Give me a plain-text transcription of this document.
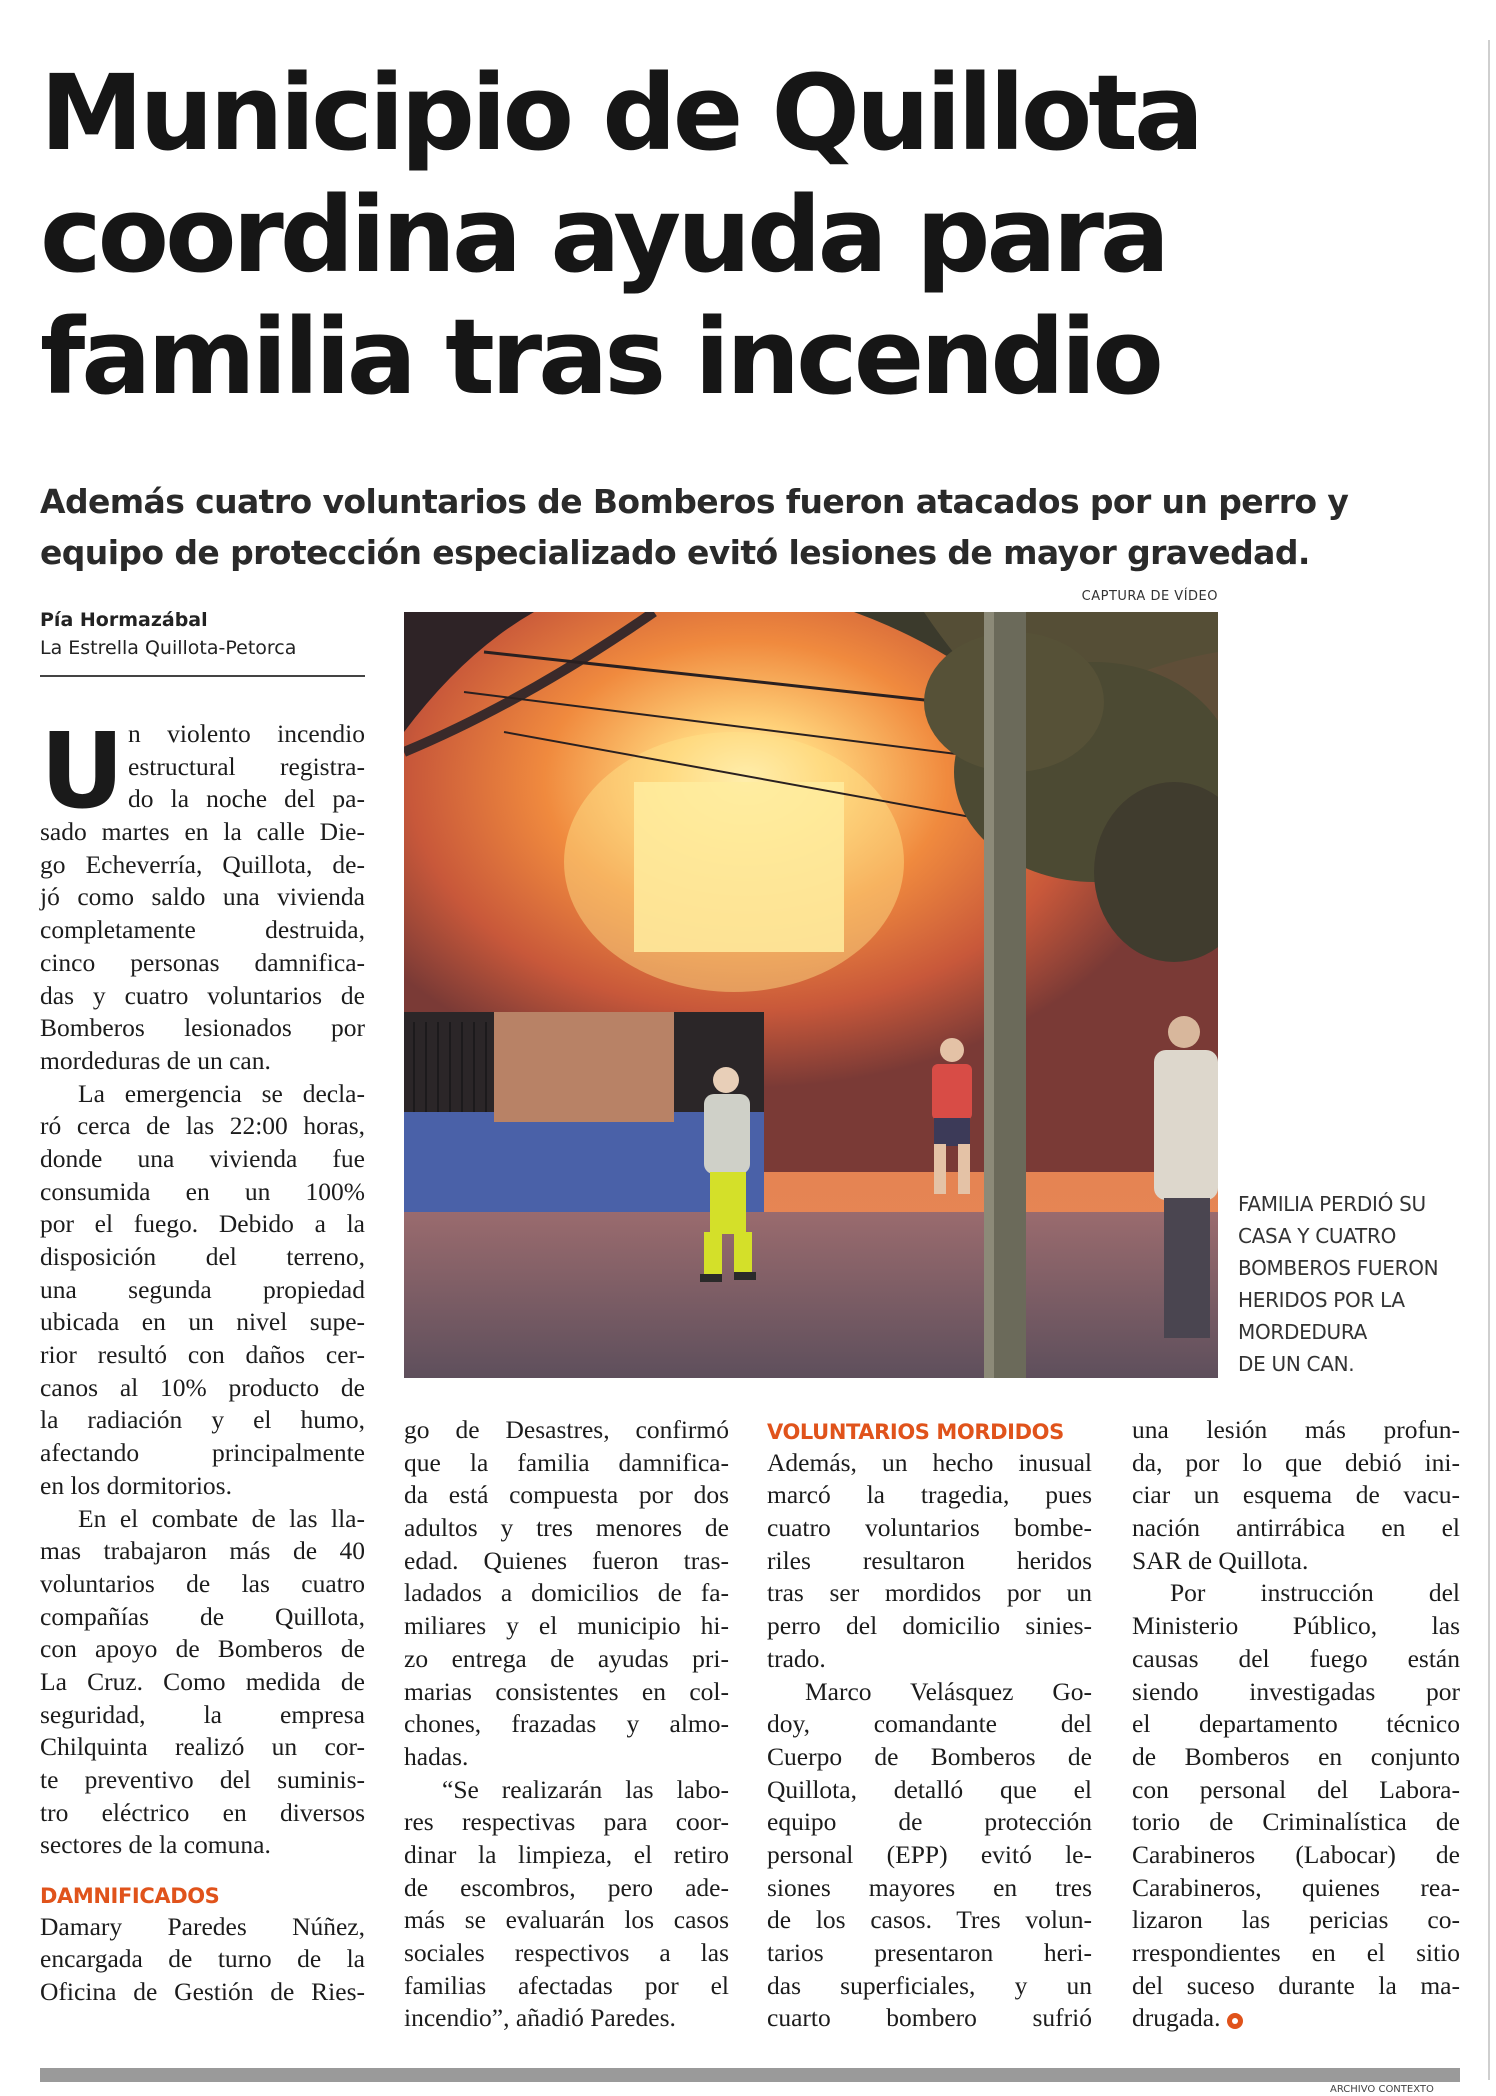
Municipio de Quillota
coordina ayuda para
familia tras incendio
Además cuatro voluntarios de Bomberos fueron atacados por un perro y
equipo de protección especializado evitó lesiones de mayor gravedad.
Pía Hormazábal
La Estrella Quillota-Petorca
CAPTURA DE VÍDEO
FAMILIA PERDIÓ SU
CASA Y CUATRO
BOMBEROS FUERON
HERIDOS POR LA
MORDEDURA
DE UN CAN.
U n violento incendio
estructural registra-
do la noche del pa-
sado martes en la calle Die-
go Echeverría, Quillota, de-
jó como saldo una vivienda
completamente destruida,
cinco personas damnifica-
das y cuatro voluntarios de
Bomberos lesionados por
mordeduras de un can.
La emergencia se decla-
ró cerca de las 22:00 horas,
donde una vivienda fue
consumida en un 100%
por el fuego. Debido a la
disposición del terreno,
una segunda propiedad
ubicada en un nivel supe-
rior resultó con daños cer-
canos al 10% producto de
la radiación y el humo,
afectando principalmente
en los dormitorios.
En el combate de las lla-
mas trabajaron más de 40
voluntarios de las cuatro
compañías de Quillota,
con apoyo de Bomberos de
La Cruz. Como medida de
seguridad, la empresa
Chilquinta realizó un cor-
te preventivo del suminis-
tro eléctrico en diversos
sectores de la comuna.
DAMNIFICADOS
Damary Paredes Núñez,
encargada de turno de la
Oficina de Gestión de Ries-
go de Desastres, confirmó
que la familia damnifica-
da está compuesta por dos
adultos y tres menores de
edad. Quienes fueron tras-
ladados a domicilios de fa-
miliares y el municipio hi-
zo entrega de ayudas pri-
marias consistentes en col-
chones, frazadas y almo-
hadas.
“Se realizarán las labo-
res respectivas para coor-
dinar la limpieza, el retiro
de escombros, pero ade-
más se evaluarán los casos
sociales respectivos a las
familias afectadas por el
incendio”, añadió Paredes.
VOLUNTARIOS MORDIDOS
Además, un hecho inusual
marcó la tragedia, pues
cuatro voluntarios bombe-
riles resultaron heridos
tras ser mordidos por un
perro del domicilio sinies-
trado.
Marco Velásquez Go-
doy, comandante del
Cuerpo de Bomberos de
Quillota, detalló que el
equipo de protección
personal (EPP) evitó le-
siones mayores en tres
de los casos. Tres volun-
tarios presentaron heri-
das superficiales, y un
cuarto bombero sufrió
una lesión más profun-
da, por lo que debió ini-
ciar un esquema de vacu-
nación antirrábica en el
SAR de Quillota.
Por instrucción del
Ministerio Público, las
causas del fuego están
siendo investigadas por
el departamento técnico
de Bomberos en conjunto
con personal del Labora-
torio de Criminalística de
Carabineros (Labocar) de
Carabineros, quienes rea-
lizaron las pericias co-
rrespondientes en el sitio
del suceso durante la ma-
drugada.
ARCHIVO CONTEXTO
